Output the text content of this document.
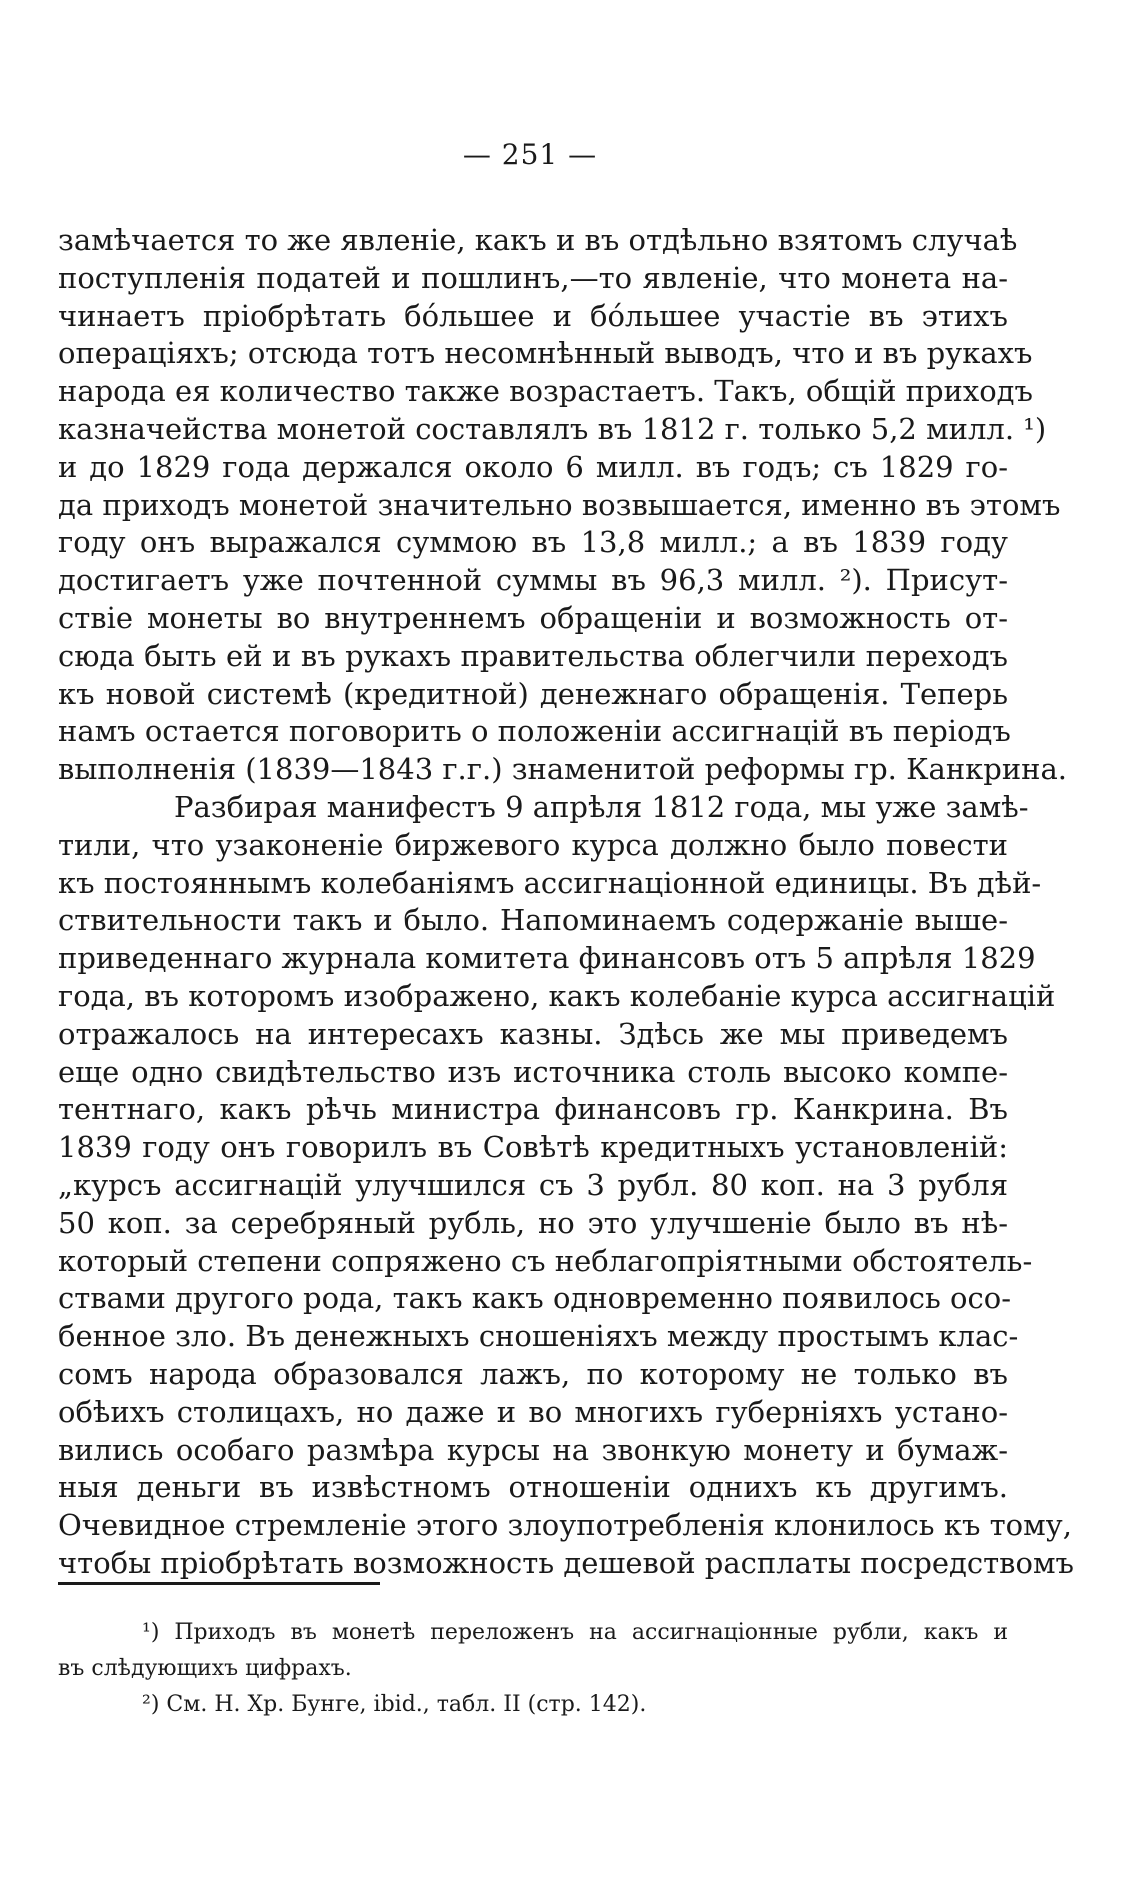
— 251 —
замѣчается то же явленіе, какъ и въ отдѣльно взятомъ случаѣ
поступленія податей и пошлинъ,—то явленіе, что монета на-
чинаетъ пріобрѣтать бóльшее и бóльшее участіе въ этихъ
операціяхъ; отсюда тотъ несомнѣнный выводъ, что и въ рукахъ
народа ея количество также возрастаетъ. Такъ, общій приходъ
казначейства монетой составлялъ въ 1812 г. только 5,2 милл. ¹)
и до 1829 года держался около 6 милл. въ годъ; съ 1829 го-
да приходъ монетой значительно возвышается, именно въ этомъ
году онъ выражался суммою въ 13,8 милл.; а въ 1839 году
достигаетъ уже почтенной суммы въ 96,3 милл. ²). Присут-
ствіе монеты во внутреннемъ обращеніи и возможность от-
сюда быть ей и въ рукахъ правительства облегчили переходъ
къ новой системѣ (кредитной) денежнаго обращенія. Теперь
намъ остается поговорить о положеніи ассигнацій въ періодъ
выполненія (1839—1843 г.г.) знаменитой реформы гр. Канкрина.
Разбирая манифестъ 9 апрѣля 1812 года, мы уже замѣ-
тили, что узаконеніе биржевого курса должно было повести
къ постояннымъ колебаніямъ ассигнаціонной единицы. Въ дѣй-
ствительности такъ и было. Напоминаемъ содержаніе выше-
приведеннаго журнала комитета финансовъ отъ 5 апрѣля 1829
года, въ которомъ изображено, какъ колебаніе курса ассигнацій
отражалось на интересахъ казны. Здѣсь же мы приведемъ
еще одно свидѣтельство изъ источника столь высоко компе-
тентнаго, какъ рѣчь министра финансовъ гр. Канкрина. Въ
1839 году онъ говорилъ въ Совѣтѣ кредитныхъ установленій:
„курсъ ассигнацій улучшился съ 3 рубл. 80 коп. на 3 рубля
50 коп. за серебряный рубль, но это улучшеніе было въ нѣ-
который степени сопряжено съ неблагопріятными обстоятель-
ствами другого рода, такъ какъ одновременно появилось осо-
бенное зло. Въ денежныхъ сношеніяхъ между простымъ клас-
сомъ народа образовался лажъ, по которому не только въ
обѣихъ столицахъ, но даже и во многихъ губерніяхъ устано-
вились особаго размѣра курсы на звонкую монету и бумаж-
ныя деньги въ извѣстномъ отношеніи однихъ къ другимъ.
Очевидное стремленіе этого злоупотребленія клонилось къ тому,
чтобы пріобрѣтать возможность дешевой расплаты посредствомъ
¹) Приходъ въ монетѣ переложенъ на ассигнаціонные рубли, какъ и
въ слѣдующихъ цифрахъ.
²) См. Н. Хр. Бунге, ibid., табл. II (стр. 142).
